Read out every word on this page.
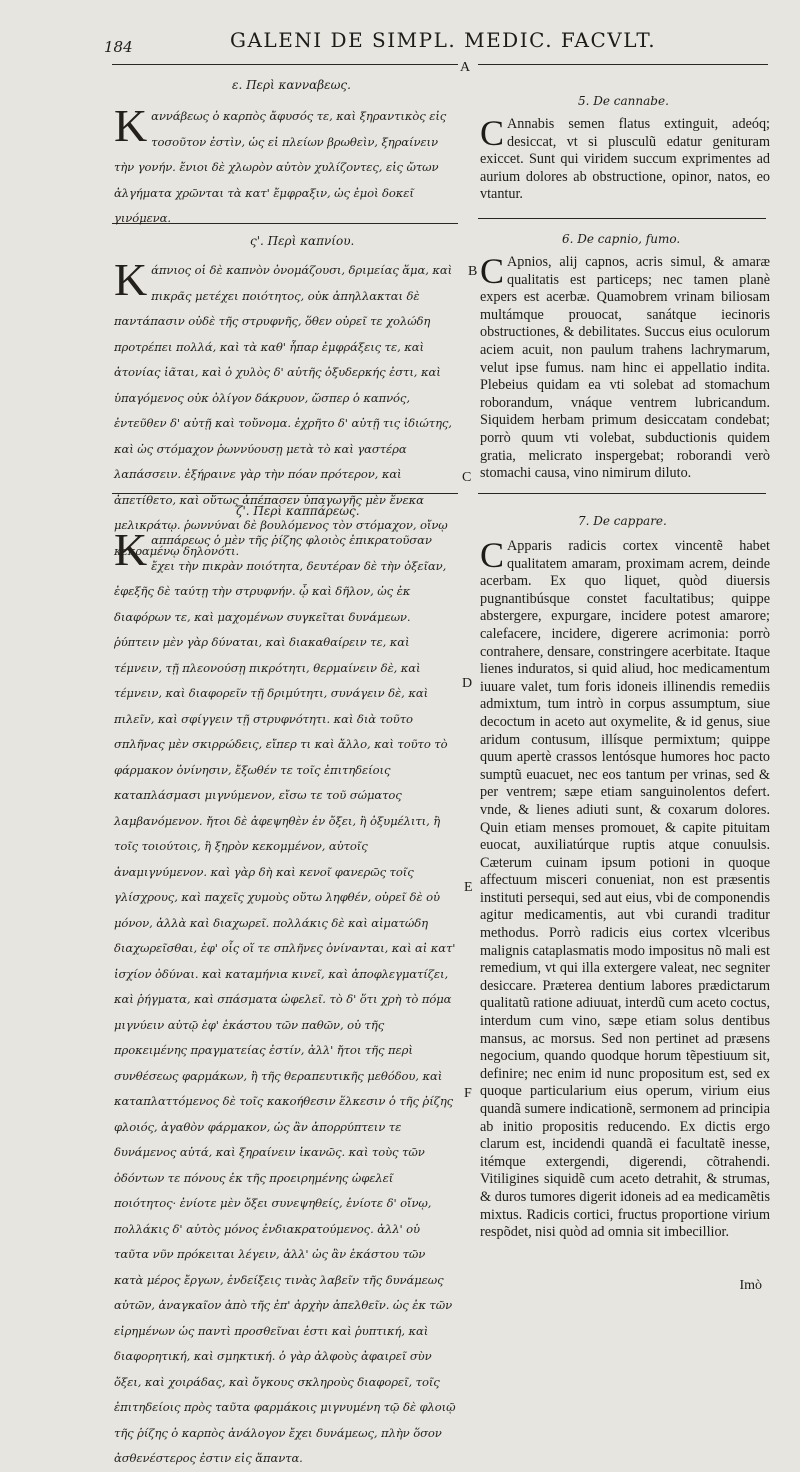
184	GALENI DE SIMPL. MEDIC. FACVLT.
A
B
C
D
E
F
ε. Περὶ κανναβεως.
Kαννάβεως ὁ καρπὸς ἄφυσός τε, καὶ ξηραντικὸς εἰς τοσοῦτον ἐστὶν, ὡς εἰ πλείων βρωθεὶν, ξηραίνειν τὴν γονήν. ἔνιοι δὲ χλωρὸν αὐτὸν χυλίζοντες, εἰς ὤτων ἀλγήματα χρῶνται τὰ κατ' ἔμφραξιν, ὡς ἐμοὶ δοκεῖ γινόμενα.
ς'. Περὶ καπνίου.
Kάπνιος οἱ δὲ καπνὸν ὀνομάζουσι, δριμείας ἅμα, καὶ πικρᾶς μετέχει ποιότητος, οὐκ ἀπηλλακται δὲ παντάπασιν οὐδὲ τῆς στρυφνῆς, ὅθεν οὐρεῖ τε χολώδη προτρέπει πολλά, καὶ τὰ καθ' ἧπαρ ἐμφράξεις τε, καὶ ἀτονίας ἰᾶται, καὶ ὁ χυλὸς δ' αὐτῆς ὀξυδερκής ἐστι, καὶ ὑπαγόμενος οὐκ ὀλίγον δάκρυον, ὥσπερ ὁ καπνός, ἐντεῦθεν δ' αὐτῇ καὶ τοὔνομα. ἐχρῆτο δ' αὐτῇ τις ἰδιώτης, καὶ ὡς στόμαχον ῥωννύουσῃ μετὰ τὸ καὶ γαστέρα λαπάσσειν. ἐξήραινε γὰρ τὴν πόαν πρότερον, καὶ ἀπετίθετο, καὶ οὕτως ἀπέπασεν ὑπαγωγῆς μὲν ἕνεκα μελικράτῳ. ῥωννύναι δὲ βουλόμενος τὸν στόμαχον, οἴνῳ κεκραμένῳ δηλονότι.
ζ'. Περὶ καππάρεως.
Kαππάρεως ὁ μὲν τῆς ῥίζης φλοιὸς ἐπικρατοῦσαν ἔχει τὴν πικρὰν ποιότητα, δευτέραν δὲ τὴν ὀξεῖαν, ἐφεξῆς δὲ ταύτῃ τὴν στρυφνήν. ᾧ καὶ δῆλον, ὡς ἐκ διαφόρων τε, καὶ μαχομένων συγκεῖται δυνάμεων. ῥύπτειν μὲν γὰρ δύναται, καὶ διακαθαίρειν τε, καὶ τέμνειν, τῇ πλεονούσῃ πικρότητι, θερμαίνειν δὲ, καὶ τέμνειν, καὶ διαφορεῖν τῇ δριμύτητι, συνάγειν δὲ, καὶ πιλεῖν, καὶ σφίγγειν τῇ στρυφνότητι. καὶ διὰ τοῦτο σπλῆνας μὲν σκιρρώδεις, εἴπερ τι καὶ ἄλλο, καὶ τοῦτο τὸ φάρμακον ὀνίνησιν, ἔξωθέν τε τοῖς ἐπιτηδείοις καταπλάσμασι μιγνύμενον, εἴσω τε τοῦ σώματος λαμβανόμενον. ἤτοι δὲ ἀφεψηθὲν ἐν ὄξει, ἢ ὀξυμέλιτι, ἢ τοῖς τοιούτοις, ἢ ξηρὸν κεκομμένον, αὐτοῖς ἀναμιγνύμενον. καὶ γὰρ δὴ καὶ κενοῖ φανερῶς τοῖς γλίσχρους, καὶ παχεῖς χυμοὺς οὕτω ληφθέν, οὐρεῖ δὲ οὐ μόνον, ἀλλὰ καὶ διαχωρεῖ. πολλάκις δὲ καὶ αἱματώδη διαχωρεῖσθαι, ἐφ' οἷς οἵ τε σπλῆνες ὀνίνανται, καὶ αἱ κατ' ἰσχίον ὀδύναι. καὶ καταμήνια κινεῖ, καὶ ἀποφλεγματίζει, καὶ ῥήγματα, καὶ σπάσματα ὠφελεῖ. τὸ δ' ὅτι χρὴ τὸ πόμα μιγνύειν αὐτῷ ἐφ' ἑκάστου τῶν παθῶν, οὐ τῆς προκειμένης πραγματείας ἐστίν, ἀλλ' ἤτοι τῆς περὶ συνθέσεως φαρμάκων, ἢ τῆς θεραπευτικῆς μεθόδου, καὶ καταπλαττόμενος δὲ τοῖς κακοήθεσιν ἕλκεσιν ὁ τῆς ῥίζης φλοιός, ἀγαθὸν φάρμακον, ὡς ἂν ἀπορρύπτειν τε δυνάμενος αὐτά, καὶ ξηραίνειν ἱκανῶς. καὶ τοὺς τῶν ὀδόντων τε πόνους ἐκ τῆς προειρημένης ὠφελεῖ ποιότητος· ἐνίοτε μὲν ὄξει συνεψηθείς, ἐνίοτε δ' οἴνῳ, πολλάκις δ' αὐτὸς μόνος ἐνδιακρατούμενος. ἀλλ' οὐ ταῦτα νῦν πρόκειται λέγειν, ἀλλ' ὡς ἂν ἑκάστου τῶν κατὰ μέρος ἔργων, ἐνδείξεις τινὰς λαβεῖν τῆς δυνάμεως αὐτῶν, ἀναγκαῖον ἀπὸ τῆς ἐπ' ἀρχὴν ἀπελθεῖν. ὡς ἐκ τῶν εἰρημένων ὡς παντὶ προσθεῖναι ἐστι καὶ ῥυπτική, καὶ διαφορητική, καὶ σμηκτική. ὁ γὰρ ἀλφοὺς ἀφαιρεῖ σὺν ὄξει, καὶ χοιράδας, καὶ ὄγκους σκληροὺς διαφορεῖ, τοῖς ἐπιτηδείοις πρὸς ταῦτα φαρμάκοις μιγνυμένη τῷ δὲ φλοιῷ τῆς ῥίζης ὁ καρπὸς ἀνάλογον ἔχει δυνάμεως, πλὴν ὅσον ἀσθενέστερος ἐστιν εἰς ἅπαντα.
5. De cannabe.
C Annabis semen flatus extinguit, adeóq; desiccat, vt si plusculũ edatur genituram exiccet. Sunt qui viridem succum exprimentes ad aurium dolores ab obstructione, opinor, natos, eo vtantur.
6. De capnio, fumo.
C Apnios, alij capnos, acris simul, & amaræ qualitatis est particeps; nec tamen planè expers est acerbæ. Quamobrem vrinam biliosam multámque prouocat, sanátque iecinoris obstructiones, & debilitates. Succus eius oculorum aciem acuit, non paulum trahens lachrymarum, velut ipse fumus. nam hinc ei appellatio indita. Plebeius quidam ea vti solebat ad stomachum roborandum, vnáque ventrem lubricandum. Siquidem herbam primum desiccatam condebat; porrò quum vti volebat, subductionis quidem gratia, melicrato inspergebat; roborandi verò stomachi causa, vino nimirum diluto.
7. De cappare.
C Apparis radicis cortex vincentẽ habet qualitatem amaram, proximam acrem, deinde acerbam. Ex quo liquet, quòd diuersis pugnantibúsque constet facultatibus; quippe abstergere, expurgare, incidere potest amarore; calefacere, incidere, digerere acrimonia: porrò contrahere, densare, constringere acerbitate. Itaque lienes induratos, si quid aliud, hoc medicamentum iuuare valet, tum foris idoneis illinendis remediis admixtum, tum intrò in corpus assumptum, siue decoctum in aceto aut oxymelite, & id genus, siue aridum contusum, illísque permixtum; quippe quum apertè crassos lentósque humores hoc pacto sumptũ euacuet, nec eos tantum per vrinas, sed & per ventrem; sæpe etiam sanguinolentos defert. vnde, & lienes adiuti sunt, & coxarum dolores. Quin etiam menses promouet, & capite pituitam euocat, auxiliatúrque ruptis atque conuulsis. Cæterum cuinam ipsum potioni in quoque affectuum misceri conueniat, non est præsentis instituti persequi, sed aut eius, vbi de componendis agitur medicamentis, aut vbi curandi traditur methodus. Porrò radicis eius cortex vlceribus malignis cataplasmatis modo impositus nõ mali est remedium, vt qui illa extergere valeat, nec segniter desiccare. Præterea dentium labores prædictarum qualitatũ ratione adiuuat, interdũ cum aceto coctus, interdum cum vino, sæpe etiam solus dentibus mansus, ac morsus. Sed non pertinet ad præsens negocium, quando quodque horum tẽpestiuum sit, definire; nec enim id nunc propositum est, sed ex quoque particularium eius operum, virium eius quandã sumere indicationẽ, sermonem ad principia ab initio propositis reducendo. Ex dictis ergo clarum est, incidendi quandã ei facultatẽ inesse, itémque extergendi, digerendi, cõtrahendi. Vitiligines siquidẽ cum aceto detrahit, & strumas, & duros tumores digerit idoneis ad ea medicamẽtis mixtus. Radicis cortici, fructus proportione virium respõdet, nisi quòd ad omnia sit imbecillior.
Imò
